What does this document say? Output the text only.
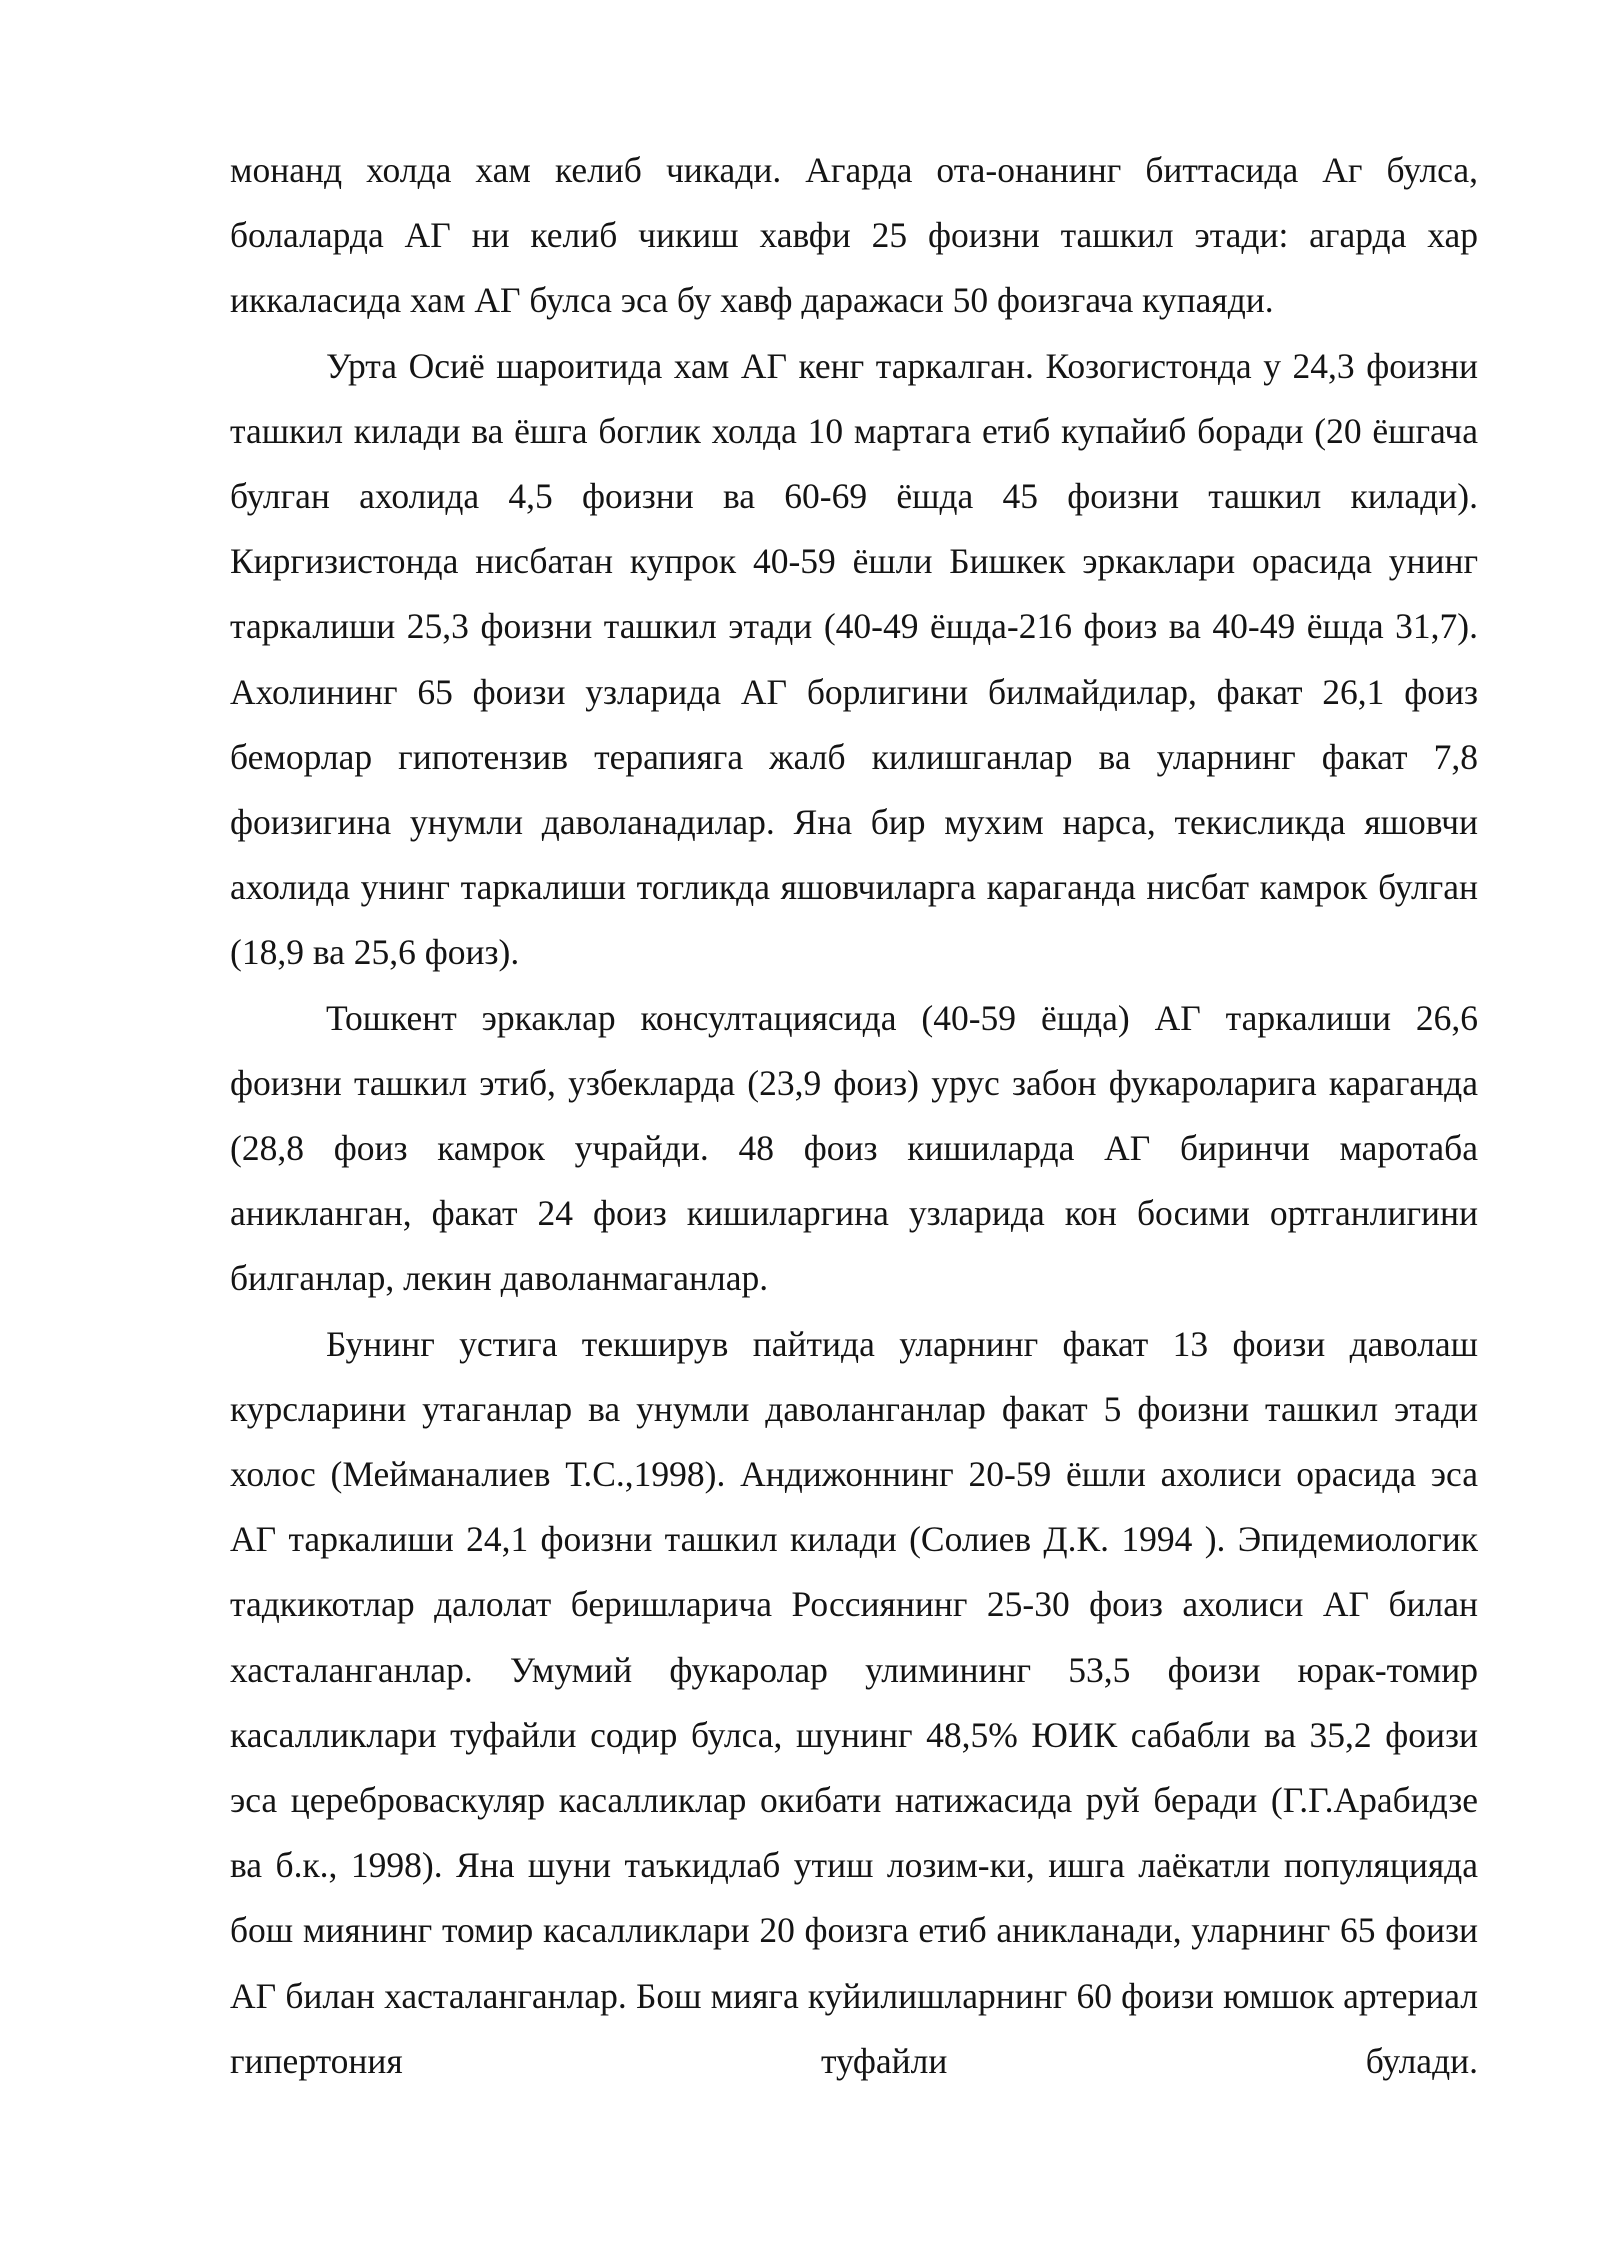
монанд холда хам келиб чикади. Агарда ота-онанинг биттасида Аг булса, болаларда АГ ни келиб чикиш хавфи 25 фоизни ташкил этади: агарда хар иккаласида хам АГ булса эса бу хавф даражаси 50 фоизгача купаяди.

Урта Осиё шароитида хам АГ кенг таркалган. Козогистонда у 24,3 фоизни ташкил килади ва ёшга боглик холда 10 мартага етиб купайиб боради (20 ёшгача булган ахолида 4,5 фоизни ва 60-69 ёшда 45 фоизни ташкил килади). Киргизистонда нисбатан купрок 40-59 ёшли Бишкек эркаклари орасида унинг таркалиши 25,3 фоизни ташкил этади (40-49 ёшда-216 фоиз ва 40-49 ёшда 31,7). Ахолининг 65 фоизи узларида АГ борлигини билмайдилар, факат 26,1 фоиз беморлар гипотензив терапияга жалб килишганлар ва уларнинг факат 7,8 фоизигина унумли даволанадилар. Яна бир мухим нарса, текисликда яшовчи ахолида унинг таркалиши тогликда яшовчиларга караганда нисбат камрок булган (18,9 ва 25,6 фоиз).

Тошкент эркаклар консултациясида (40-59 ёшда) АГ таркалиши 26,6 фоизни ташкил этиб, узбекларда (23,9 фоиз) урус забон фукароларига караганда (28,8 фоиз камрок учрайди. 48 фоиз кишиларда АГ биринчи маротаба аникланган, факат 24 фоиз кишиларгина узларида кон босими ортганлигини билганлар, лекин даволанмаганлар.

Бунинг устига текширув пайтида уларнинг факат 13 фоизи даволаш курсларини утаганлар ва унумли даволанганлар факат 5 фоизни ташкил этади холос (Мейманалиев Т.С.,1998). Андижоннинг 20-59 ёшли ахолиси орасида эса АГ таркалиши 24,1 фоизни ташкил килади (Солиев Д.К. 1994 ). Эпидемиологик тадкикотлар далолат беришларича Россиянинг 25-30 фоиз ахолиси АГ билан хасталанганлар. Умумий фукаролар улимининг 53,5 фоизи юрак-томир касалликлари туфайли содир булса, шунинг 48,5% ЮИК сабабли ва 35,2 фоизи эса цереброваскуляр касалликлар окибати натижасида руй беради (Г.Г.Арабидзе ва б.к., 1998). Яна шуни таъкидлаб утиш лозим-ки, ишга лаёкатли популяцияда бош миянинг томир касалликлари 20 фоизга етиб аникланади, уларнинг 65 фоизи АГ билан хасталанганлар. Бош мияга куйилишларнинг 60 фоизи юмшок артериал гипертония туфайли булади.
